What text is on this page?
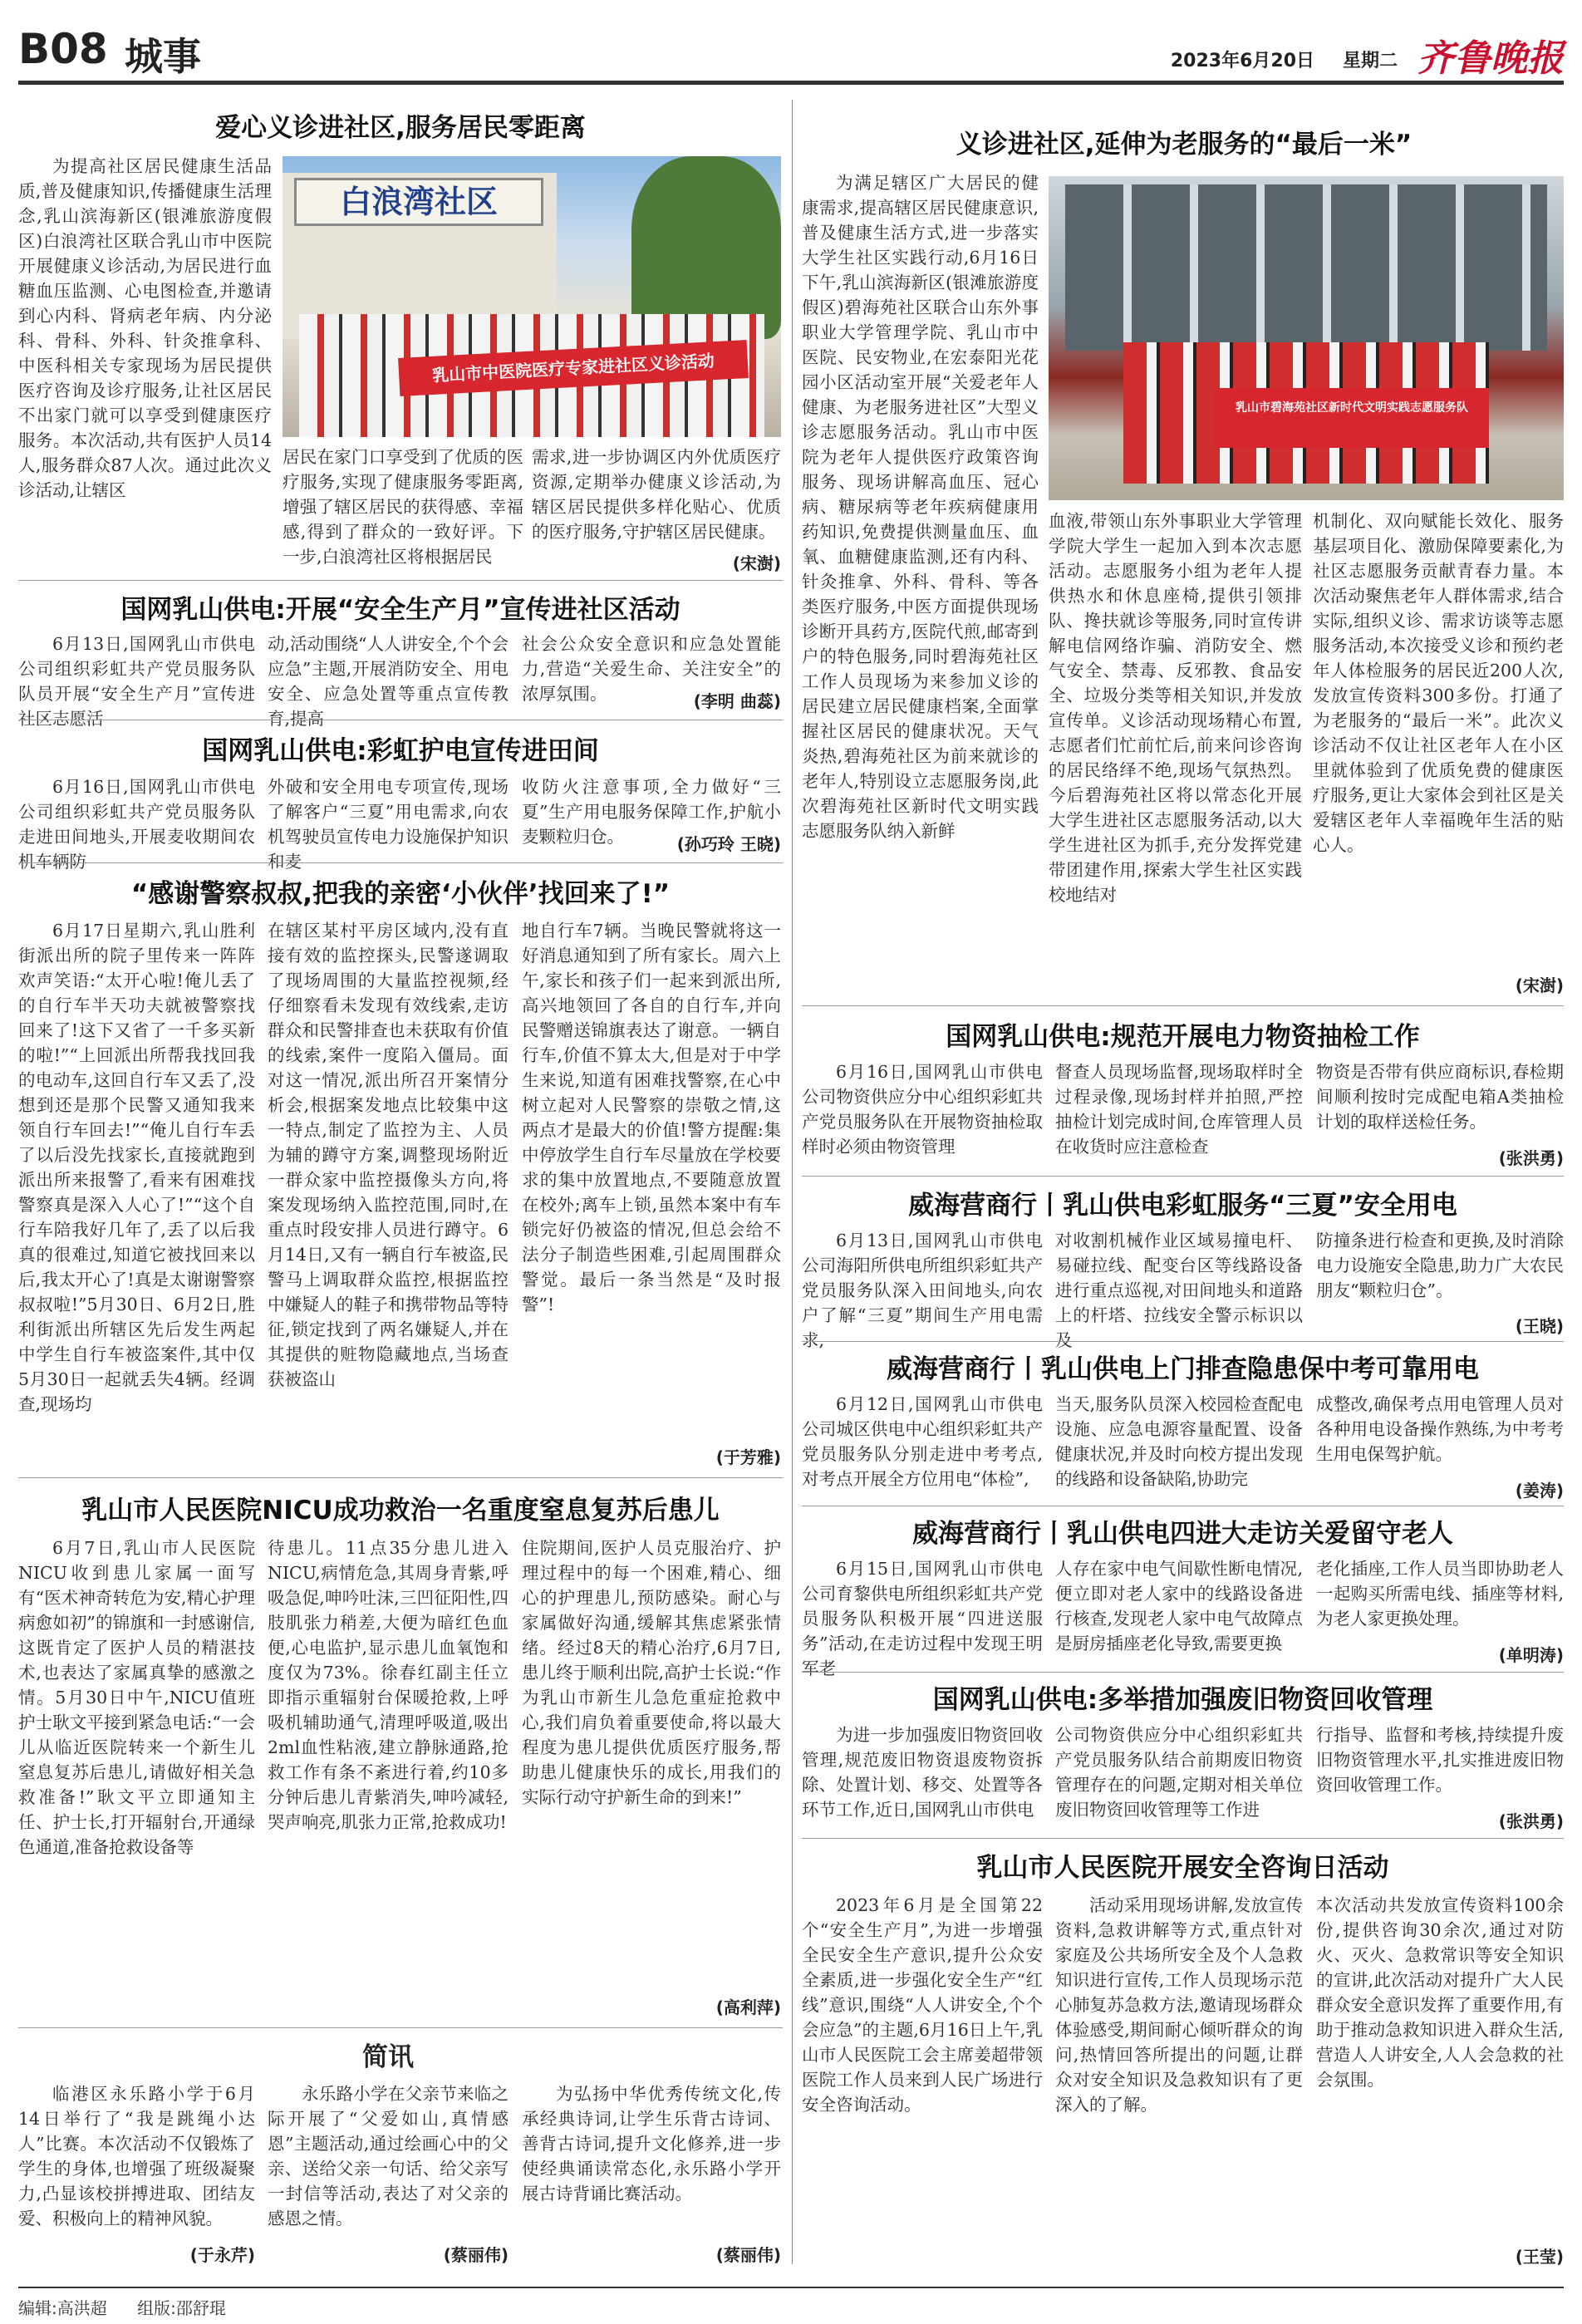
B08 城事	2023年6月20日 星期二 齐鲁晚报
爱心义诊进社区,服务居民零距离

为提高社区居民健康生活品质,普及健康知识,传播健康生活理念,乳山滨海新区(银滩旅游度假区)白浪湾社区联合乳山市中医院开展健康义诊活动,为居民进行血糖血压监测、心电图检查,并邀请到心内科、肾病老年病、内分泌科、骨科、外科、针灸推拿科、中医科相关专家现场为居民提供医疗咨询及诊疗服务,让社区居民不出家门就可以享受到健康医疗服务。本次活动,共有医护人员14人,服务群众87人次。通过此次义诊活动,让辖区

白浪湾社区
乳山市中医院医疗专家进社区义诊活动

居民在家门口享受到了优质的医疗服务,实现了健康服务零距离,增强了辖区居民的获得感、幸福感,得到了群众的一致好评。下一步,白浪湾社区将根据居民

需求,进一步协调区内外优质医疗资源,定期举办健康义诊活动,为辖区居民提供多样化贴心、优质的医疗服务,守护辖区居民健康。

(宋澍)
国网乳山供电:开展“安全生产月”宣传进社区活动

6月13日,国网乳山市供电公司组织彩虹共产党员服务队队员开展“安全生产月”宣传进社区志愿活

动,活动围绕“人人讲安全,个个会应急”主题,开展消防安全、用电安全、应急处置等重点宣传教育,提高

社会公众安全意识和应急处置能力,营造“关爱生命、关注安全”的浓厚氛围。	(李明 曲蕊)
国网乳山供电:彩虹护电宣传进田间

6月16日,国网乳山市供电公司组织彩虹共产党员服务队走进田间地头,开展麦收期间农机车辆防

外破和安全用电专项宣传,现场了解客户“三夏”用电需求,向农机驾驶员宣传电力设施保护知识和麦

收防火注意事项,全力做好“三夏”生产用电服务保障工作,护航小麦颗粒归仓。	(孙巧玲 王晓)
“感谢警察叔叔,把我的亲密‘小伙伴’找回来了!”

6月17日星期六,乳山胜利街派出所的院子里传来一阵阵欢声笑语:“太开心啦!俺儿丢了的自行车半天功夫就被警察找回来了!这下又省了一千多买新的啦!”“上回派出所帮我找回我的电动车,这回自行车又丢了,没想到还是那个民警又通知我来领自行车回去!”“俺儿自行车丢了以后没先找家长,直接就跑到派出所来报警了,看来有困难找警察真是深入人心了!”“这个自行车陪我好几年了,丢了以后我真的很难过,知道它被找回来以后,我太开心了!真是太谢谢警察叔叔啦!”5月30日、6月2日,胜利街派出所辖区先后发生两起中学生自行车被盗案件,其中仅5月30日一起就丢失4辆。经调查,现场均

在辖区某村平房区域内,没有直接有效的监控探头,民警遂调取了现场周围的大量监控视频,经仔细察看未发现有效线索,走访群众和民警排查也未获取有价值的线索,案件一度陷入僵局。面对这一情况,派出所召开案情分析会,根据案发地点比较集中这一特点,制定了监控为主、人员为辅的蹲守方案,调整现场附近一群众家中监控摄像头方向,将案发现场纳入监控范围,同时,在重点时段安排人员进行蹲守。6月14日,又有一辆自行车被盗,民警马上调取群众监控,根据监控中嫌疑人的鞋子和携带物品等特征,锁定找到了两名嫌疑人,并在其提供的赃物隐藏地点,当场查获被盗山

地自行车7辆。当晚民警就将这一好消息通知到了所有家长。周六上午,家长和孩子们一起来到派出所,高兴地领回了各自的自行车,并向民警赠送锦旗表达了谢意。一辆自行车,价值不算太大,但是对于中学生来说,知道有困难找警察,在心中树立起对人民警察的崇敬之情,这两点才是最大的价值!警方提醒:集中停放学生自行车尽量放在学校要求的集中放置地点,不要随意放置在校外;离车上锁,虽然本案中有车锁完好仍被盗的情况,但总会给不法分子制造些困难,引起周围群众警觉。最后一条当然是“及时报警”!

(于芳雅)
乳山市人民医院NICU成功救治一名重度窒息复苏后患儿

6月7日,乳山市人民医院NICU收到患儿家属一面写有“医术神奇转危为安,精心护理病愈如初”的锦旗和一封感谢信,这既肯定了医护人员的精湛技术,也表达了家属真挚的感激之情。5月30日中午,NICU值班护士耿文平接到紧急电话:“一会儿从临近医院转来一个新生儿窒息复苏后患儿,请做好相关急救准备!”耿文平立即通知主任、护士长,打开辐射台,开通绿色通道,准备抢救设备等

待患儿。11点35分患儿进入NICU,病情危急,其周身青紫,呼吸急促,呻吟吐沫,三凹征阳性,四肢肌张力稍差,大便为暗红色血便,心电监护,显示患儿血氧饱和度仅为73%。徐春红副主任立即指示重辐射台保暖抢救,上呼吸机辅助通气,清理呼吸道,吸出2ml血性粘液,建立静脉通路,抢救工作有条不紊进行着,约10多分钟后患儿青紫消失,呻吟减轻,哭声响亮,肌张力正常,抢救成功!

住院期间,医护人员克服治疗、护理过程中的每一个困难,精心、细心的护理患儿,预防感染。耐心与家属做好沟通,缓解其焦虑紧张情绪。经过8天的精心治疗,6月7日,患儿终于顺利出院,高护士长说:“作为乳山市新生儿急危重症抢救中心,我们肩负着重要使命,将以最大程度为患儿提供优质医疗服务,帮助患儿健康快乐的成长,用我们的实际行动守护新生命的到来!”

(高利萍)
简讯

临港区永乐路小学于6月14日举行了“我是跳绳小达人”比赛。本次活动不仅锻炼了学生的身体,也增强了班级凝聚力,凸显该校拼搏进取、团结友爱、积极向上的精神风貌。

(于永芹)

永乐路小学在父亲节来临之际开展了“父爱如山,真情感恩”主题活动,通过绘画心中的父亲、送给父亲一句话、给父亲写一封信等活动,表达了对父亲的感恩之情。

(蔡丽伟)

为弘扬中华优秀传统文化,传承经典诗词,让学生乐背古诗词、善背古诗词,提升文化修养,进一步使经典诵读常态化,永乐路小学开展古诗背诵比赛活动。

(蔡丽伟)
义诊进社区,延伸为老服务的“最后一米”

为满足辖区广大居民的健康需求,提高辖区居民健康意识,普及健康生活方式,进一步落实大学生社区实践行动,6月16日下午,乳山滨海新区(银滩旅游度假区)碧海苑社区联合山东外事职业大学管理学院、乳山市中医院、民安物业,在宏泰阳光花园小区活动室开展“关爱老年人健康、为老服务进社区”大型义诊志愿服务活动。乳山市中医院为老年人提供医疗政策咨询服务、现场讲解高血压、冠心病、糖尿病等老年疾病健康用药知识,免费提供测量血压、血氧、血糖健康监测,还有内科、针灸推拿、外科、骨科、等各类医疗服务,中医方面提供现场诊断开具药方,医院代煎,邮寄到户的特色服务,同时碧海苑社区工作人员现场为来参加义诊的居民建立居民健康档案,全面掌握社区居民的健康状况。天气炎热,碧海苑社区为前来就诊的老年人,特别设立志愿服务岗,此次碧海苑社区新时代文明实践志愿服务队纳入新鲜

乳山市碧海苑社区新时代文明实践志愿服务队

血液,带领山东外事职业大学管理学院大学生一起加入到本次志愿活动。志愿服务小组为老年人提供热水和休息座椅,提供引领排队、搀扶就诊等服务,同时宣传讲解电信网络诈骗、消防安全、燃气安全、禁毒、反邪教、食品安全、垃圾分类等相关知识,并发放宣传单。义诊活动现场精心布置,志愿者们忙前忙后,前来问诊咨询的居民络绎不绝,现场气氛热烈。今后碧海苑社区将以常态化开展大学生进社区志愿服务活动,以大学生进社区为抓手,充分发挥党建带团建作用,探索大学生社区实践校地结对

机制化、双向赋能长效化、服务基层项目化、激励保障要素化,为社区志愿服务贡献青春力量。本次活动聚焦老年人群体需求,结合实际,组织义诊、需求访谈等志愿服务活动,本次接受义诊和预约老年人体检服务的居民近200人次,发放宣传资料300多份。打通了为老服务的“最后一米”。此次义诊活动不仅让社区老年人在小区里就体验到了优质免费的健康医疗服务,更让大家体会到社区是关爱辖区老年人幸福晚年生活的贴心人。

(宋澍)
国网乳山供电:规范开展电力物资抽检工作

6月16日,国网乳山市供电公司物资供应分中心组织彩虹共产党员服务队在开展物资抽检取样时必须由物资管理

督查人员现场监督,现场取样时全过程录像,现场封样并拍照,严控抽检计划完成时间,仓库管理人员在收货时应注意检查

物资是否带有供应商标识,春检期间顺利按时完成配电箱A类抽检计划的取样送检任务。

(张洪勇)
威海营商行丨乳山供电彩虹服务“三夏”安全用电

6月13日,国网乳山市供电公司海阳所供电所组织彩虹共产党员服务队深入田间地头,向农户了解“三夏”期间生产用电需求,

对收割机械作业区域易撞电杆、易碰拉线、配变台区等线路设备进行重点巡视,对田间地头和道路上的杆塔、拉线安全警示标识以及

防撞条进行检查和更换,及时消除电力设施安全隐患,助力广大农民朋友“颗粒归仓”。

(王晓)
威海营商行丨乳山供电上门排查隐患保中考可靠用电

6月12日,国网乳山市供电公司城区供电中心组织彩虹共产党员服务队分别走进中考考点,对考点开展全方位用电“体检”,

当天,服务队员深入校园检查配电设施、应急电源容量配置、设备健康状况,并及时向校方提出发现的线路和设备缺陷,协助完

成整改,确保考点用电管理人员对各种用电设备操作熟练,为中考考生用电保驾护航。

(姜涛)
威海营商行丨乳山供电四进大走访关爱留守老人

6月15日,国网乳山市供电公司育黎供电所组织彩虹共产党员服务队积极开展“四进送服务”活动,在走访过程中发现王明军老

人存在家中电气间歇性断电情况,便立即对老人家中的线路设备进行核查,发现老人家中电气故障点是厨房插座老化导致,需要更换

老化插座,工作人员当即协助老人一起购买所需电线、插座等材料,为老人家更换处理。

(单明涛)
国网乳山供电:多举措加强废旧物资回收管理

为进一步加强废旧物资回收管理,规范废旧物资退废物资拆除、处置计划、移交、处置等各环节工作,近日,国网乳山市供电

公司物资供应分中心组织彩虹共产党员服务队结合前期废旧物资管理存在的问题,定期对相关单位废旧物资回收管理等工作进

行指导、监督和考核,持续提升废旧物资管理水平,扎实推进废旧物资回收管理工作。

(张洪勇)
乳山市人民医院开展安全咨询日活动

2023年6月是全国第22个“安全生产月”,为进一步增强全民安全生产意识,提升公众安全素质,进一步强化安全生产“红线”意识,围绕“人人讲安全,个个会应急”的主题,6月16日上午,乳山市人民医院工会主席姜超带领医院工作人员来到人民广场进行安全咨询活动。

活动采用现场讲解,发放宣传资料,急救讲解等方式,重点针对家庭及公共场所安全及个人急救知识进行宣传,工作人员现场示范心肺复苏急救方法,邀请现场群众体验感受,期间耐心倾听群众的询问,热情回答所提出的问题,让群众对安全知识及急救知识有了更深入的了解。

本次活动共发放宣传资料100余份,提供咨询30余次,通过对防火、灭火、急救常识等安全知识的宣讲,此次活动对提升广大人民群众安全意识发挥了重要作用,有助于推动急救知识进入群众生活,营造人人讲安全,人人会急救的社会氛围。

(王莹)
编辑:高洪超 组版:邵舒琨
